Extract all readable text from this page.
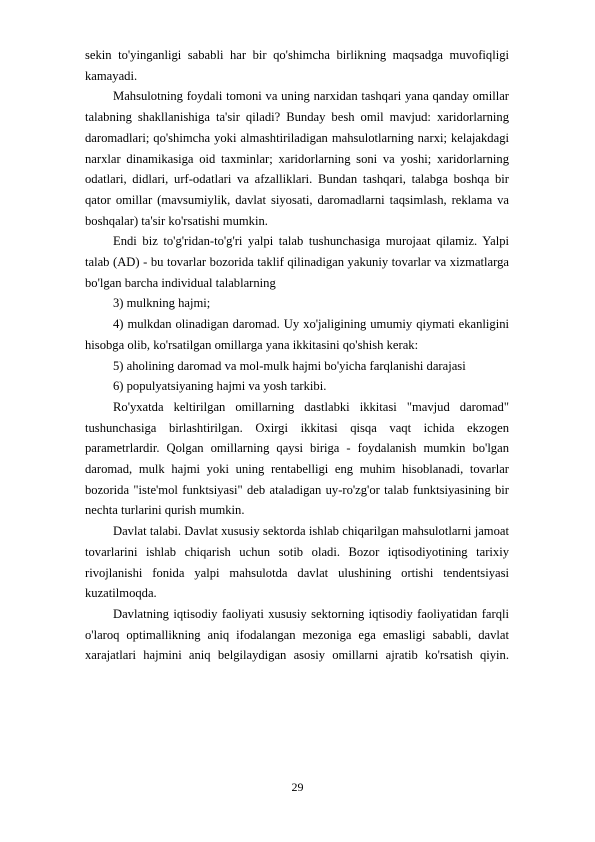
sekin to'yinganligi sababli har bir qo'shimcha birlikning maqsadga muvofiqligi kamayadi.

Mahsulotning foydali tomoni va uning narxidan tashqari yana qanday omillar talabning shakllanishiga ta'sir qiladi? Bunday besh omil mavjud: xaridorlarning daromadlari; qo'shimcha yoki almashtiriladigan mahsulotlarning narxi; kelajakdagi narxlar dinamikasiga oid taxminlar; xaridorlarning soni va yoshi; xaridorlarning odatlari, didlari, urf-odatlari va afzalliklari. Bundan tashqari, talabga boshqa bir qator omillar (mavsumiylik, davlat siyosati, daromadlarni taqsimlash, reklama va boshqalar) ta'sir ko'rsatishi mumkin.

Endi biz to'g'ridan-to'g'ri yalpi talab tushunchasiga murojaat qilamiz. Yalpi talab (AD) - bu tovarlar bozorida taklif qilinadigan yakuniy tovarlar va xizmatlarga bo'lgan barcha individual talablarning

3) mulkning hajmi;

4) mulkdan olinadigan daromad. Uy xo'jaligining umumiy qiymati ekanligini hisobga olib, ko'rsatilgan omillarga yana ikkitasini qo'shish kerak:

5) aholining daromad va mol-mulk hajmi bo'yicha farqlanishi darajasi

6) populyatsiyaning hajmi va yosh tarkibi.

Ro'yxatda keltirilgan omillarning dastlabki ikkitasi "mavjud daromad" tushunchasiga birlashtirilgan. Oxirgi ikkitasi qisqa vaqt ichida ekzogen parametrlardir. Qolgan omillarning qaysi biriga - foydalanish mumkin bo'lgan daromad, mulk hajmi yoki uning rentabelligi eng muhim hisoblanadi, tovarlar bozorida "iste'mol funktsiyasi" deb ataladigan uy-ro'zg'or talab funktsiyasining bir nechta turlarini qurish mumkin.

Davlat talabi. Davlat xususiy sektorda ishlab chiqarilgan mahsulotlarni jamoat tovarlarini ishlab chiqarish uchun sotib oladi. Bozor iqtisodiyotining tarixiy rivojlanishi fonida yalpi mahsulotda davlat ulushining ortishi tendentsiyasi kuzatilmoqda.

Davlatning iqtisodiy faoliyati xususiy sektorning iqtisodiy faoliyatidan farqli o'laroq optimallikning aniq ifodalangan mezoniga ega emasligi sababli, davlat xarajatlari hajmini aniq belgilaydigan asosiy omillarni ajratib ko'rsatish qiyin.

29
